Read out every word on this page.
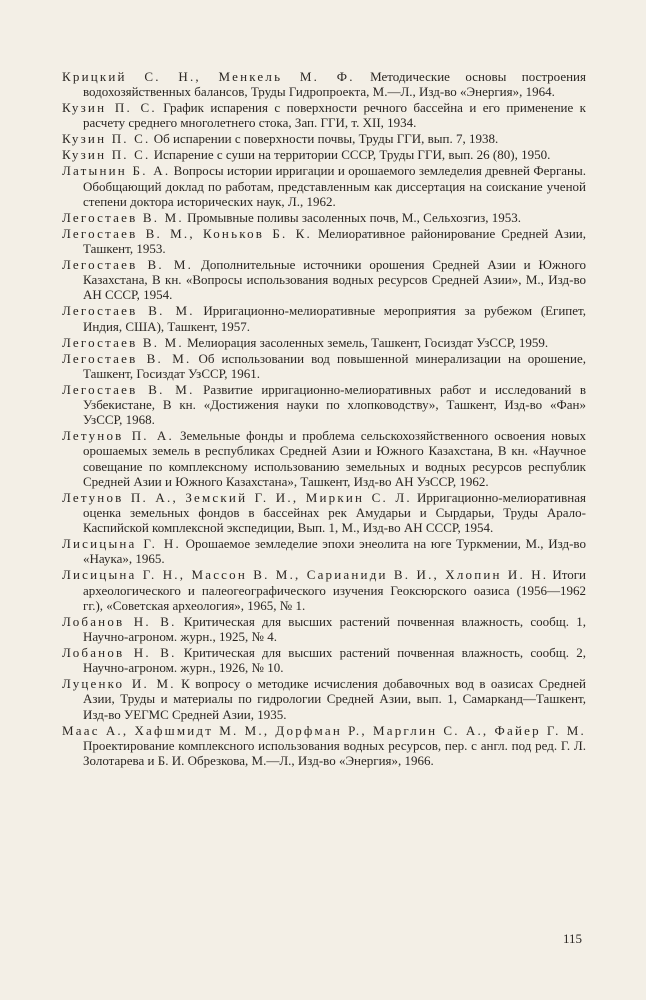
Крицкий С. Н., Менкель М. Ф. Методические основы построения водохозяйственных балансов, Труды Гидропроекта, М.—Л., Изд-во «Энергия», 1964.

Кузин П. С. График испарения с поверхности речного бассейна и его применение к расчету среднего многолетнего стока, Зап. ГГИ, т. XII, 1934.

Кузин П. С. Об испарении с поверхности почвы, Труды ГГИ, вып. 7, 1938.

Кузин П. С. Испарение с суши на территории СССР, Труды ГГИ, вып. 26 (80), 1950.

Латынин Б. А. Вопросы истории ирригации и орошаемого земледелия древней Ферганы. Обобщающий доклад по работам, представленным как диссертация на соискание ученой степени доктора исторических наук, Л., 1962.

Легостаев В. М. Промывные поливы засоленных почв, М., Сельхозгиз, 1953.

Легостаев В. М., Коньков Б. К. Мелиоративное районирование Средней Азии, Ташкент, 1953.

Легостаев В. М. Дополнительные источники орошения Средней Азии и Южного Казахстана, В кн. «Вопросы использования водных ресурсов Средней Азии», М., Изд-во АН СССР, 1954.

Легостаев В. М. Ирригационно-мелиоративные мероприятия за рубежом (Египет, Индия, США), Ташкент, 1957.

Легостаев В. М. Мелиорация засоленных земель, Ташкент, Госиздат УзССР, 1959.

Легостаев В. М. Об использовании вод повышенной минерализации на орошение, Ташкент, Госиздат УзССР, 1961.

Легостаев В. М. Развитие ирригационно-мелиоративных работ и исследований в Узбекистане, В кн. «Достижения науки по хлопководству», Ташкент, Изд-во «Фан» УзССР, 1968.

Летунов П. А. Земельные фонды и проблема сельскохозяйственного освоения новых орошаемых земель в республиках Средней Азии и Южного Казахстана, В кн. «Научное совещание по комплексному использованию земельных и водных ресурсов республик Средней Азии и Южного Казахстана», Ташкент, Изд-во АН УзССР, 1962.

Летунов П. А., Земский Г. И., Миркин С. Л. Ирригационно-мелиоративная оценка земельных фондов в бассейнах рек Амударьи и Сырдарьи, Труды Арало-Каспийской комплексной экспедиции, Вып. 1, М., Изд-во АН СССР, 1954.

Лисицына Г. Н. Орошаемое земледелие эпохи энеолита на юге Туркмении, М., Изд-во «Наука», 1965.

Лисицына Г. Н., Массон В. М., Сарианиди В. И., Хлопин И. Н. Итоги археологического и палеогеографического изучения Геоксюрского оазиса (1956—1962 гг.), «Советская археология», 1965, № 1.

Лобанов Н. В. Критическая для высших растений почвенная влажность, сообщ. 1, Научно-агроном. журн., 1925, № 4.

Лобанов Н. В. Критическая для высших растений почвенная влажность, сообщ. 2, Научно-агроном. журн., 1926, № 10.

Луценко И. М. К вопросу о методике исчисления добавочных вод в оазисах Средней Азии, Труды и материалы по гидрологии Средней Азии, вып. 1, Самарканд—Ташкент, Изд-во УЕГМС Средней Азии, 1935.

Маас А., Хафшмидт М. М., Дорфман Р., Марглин С. А., Файер Г. М. Проектирование комплексного использования водных ресурсов, пер. с англ. под ред. Г. Л. Золотарева и Б. И. Обрезкова, М.—Л., Изд-во «Энергия», 1966.

115
